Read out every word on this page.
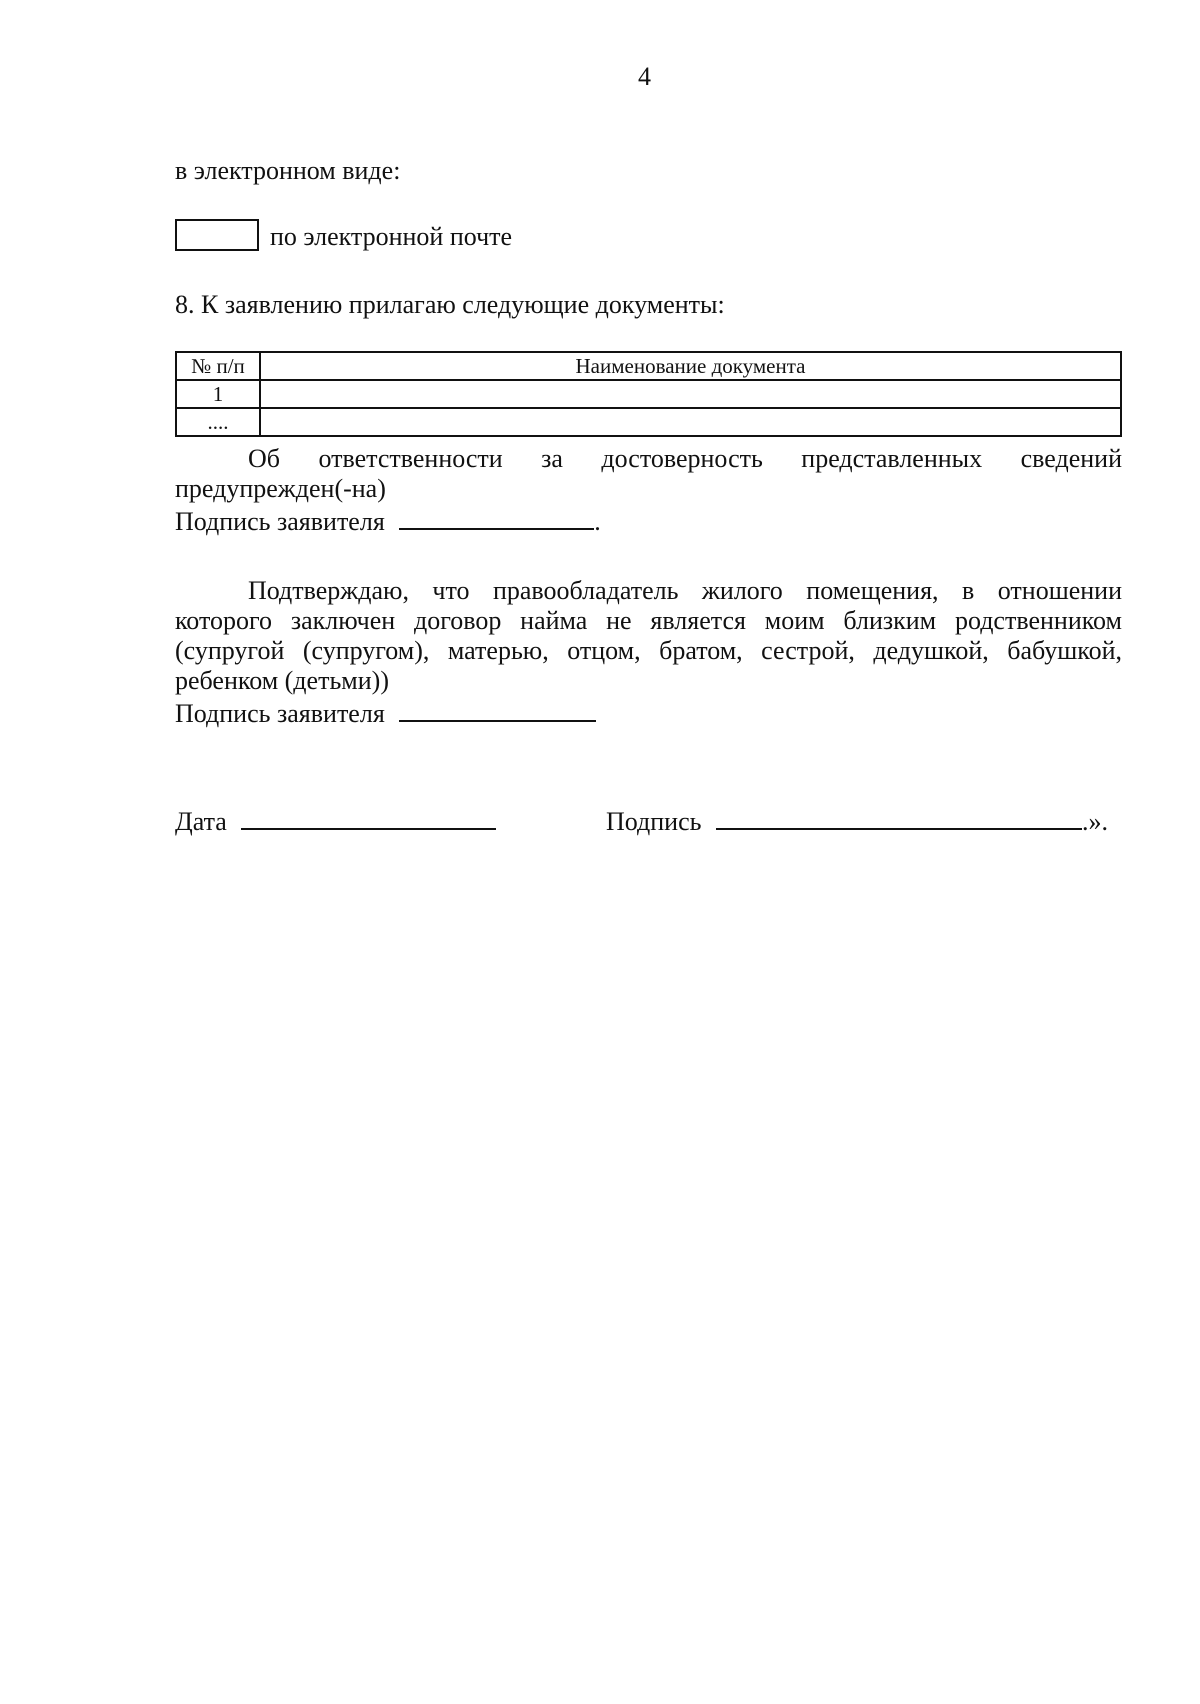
4
в электронном виде:
по электронной почте
8. К заявлению прилагаю следующие документы:
№ п/п	Наименование документа
1	
....	
Об ответственности за достоверность представленных сведений
предупрежден(-на)
Подпись заявителя	.
Подтверждаю, что правообладатель жилого помещения, в отношении которого заключен договор найма не является моим близким родственником (супругой (супругом), матерью, отцом, братом, сестрой, дедушкой, бабушкой, ребенком (детьми))
Подпись заявителя
Дата	Подпись	.».
